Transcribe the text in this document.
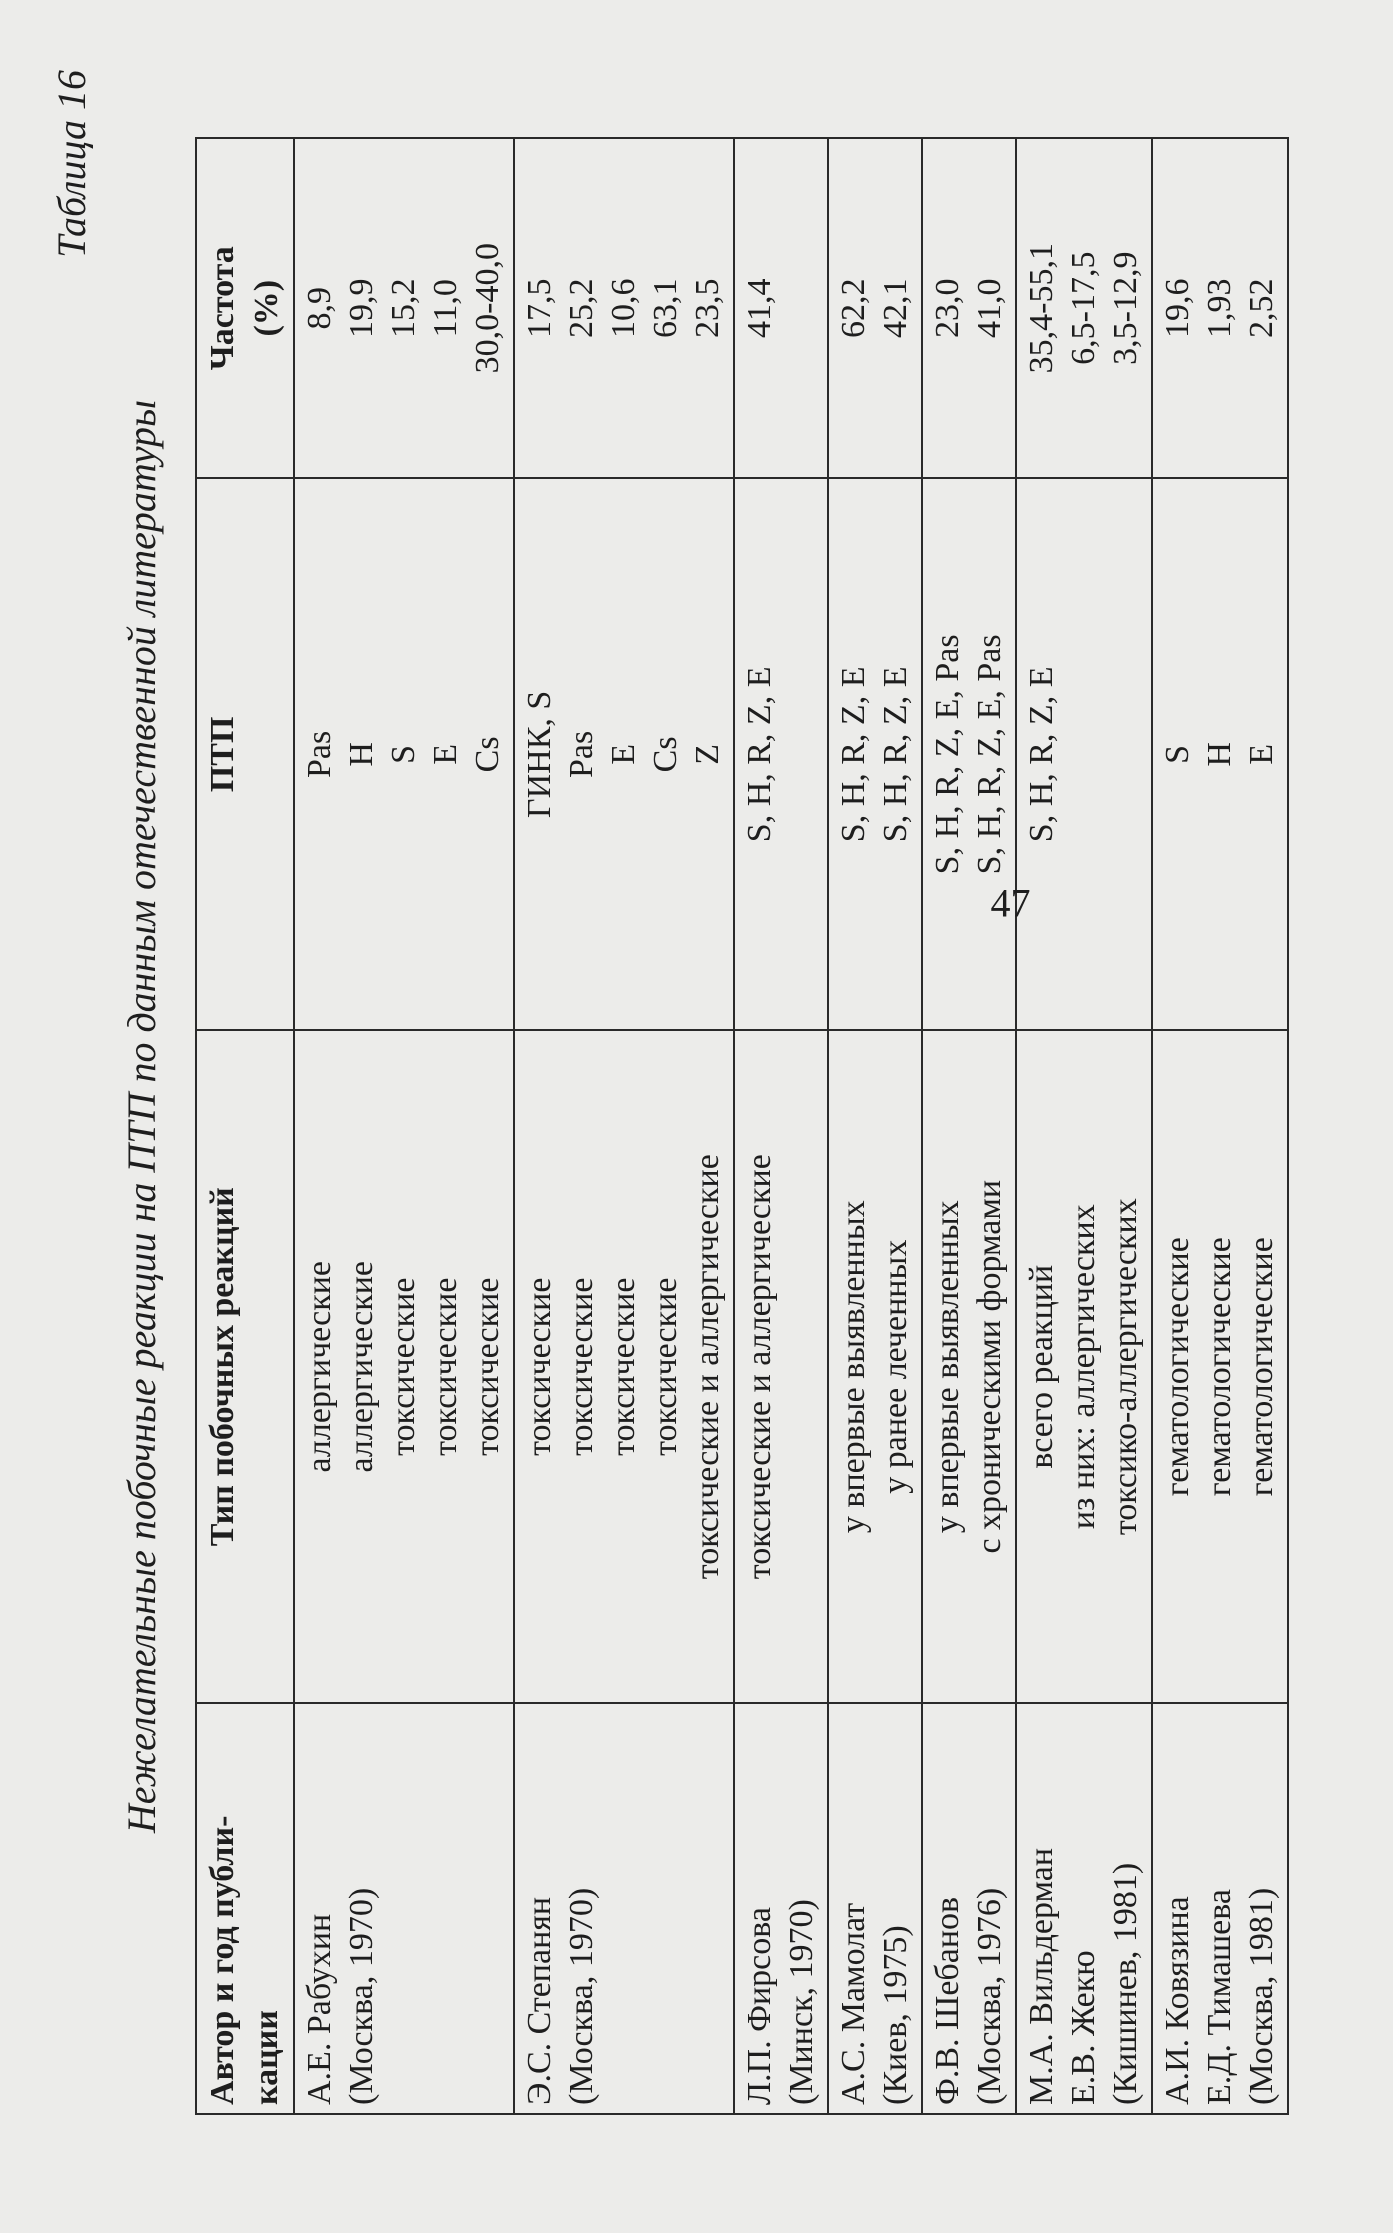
Таблица 16
Нежелательные побочные реакции на ПТП по данным отечественной литературы
Автор и год публи- кации	Тип побочных реакций	ПТП	Частота (%)

А.Е. Рабухин (Москва, 1970)	аллергические аллергические токсические токсические токсические	Pas H S E Cs	8,9 19,9 15,2 11,0 30,0-40,0

Э.С. Степанян (Москва, 1970)	токсические токсические токсические токсические токсические и аллергические	ГИНК, S Pas E Cs Z	17,5 25,2 10,6 63,1 23,5

Л.П. Фирсова (Минск, 1970)	токсические и аллергические	S, H, R, Z, E	41,4

А.С. Мамолат (Киев, 1975)	у впервые выявленных у ранее леченных	S, H, R, Z, E S, H, R, Z, E	62,2 42,1

Ф.В. Шебанов (Москва, 1976)	у впервые выявленных с хроническими формами	S, H, R, Z, E, Pas S, H, R, Z, E, Pas	23,0 41,0

М.А. Вильдерман Е.В. Жекю (Кишинев, 1981)	всего реакций из них: аллергических токсико-аллергических	S, H, R, Z, E	35,4-55,1 6,5-17,5 3,5-12,9

А.И. Ковязина Е.Д. Тимашева (Москва, 1981)	гематологические гематологические гематологические	S H E	19,6 1,93 2,52
47
